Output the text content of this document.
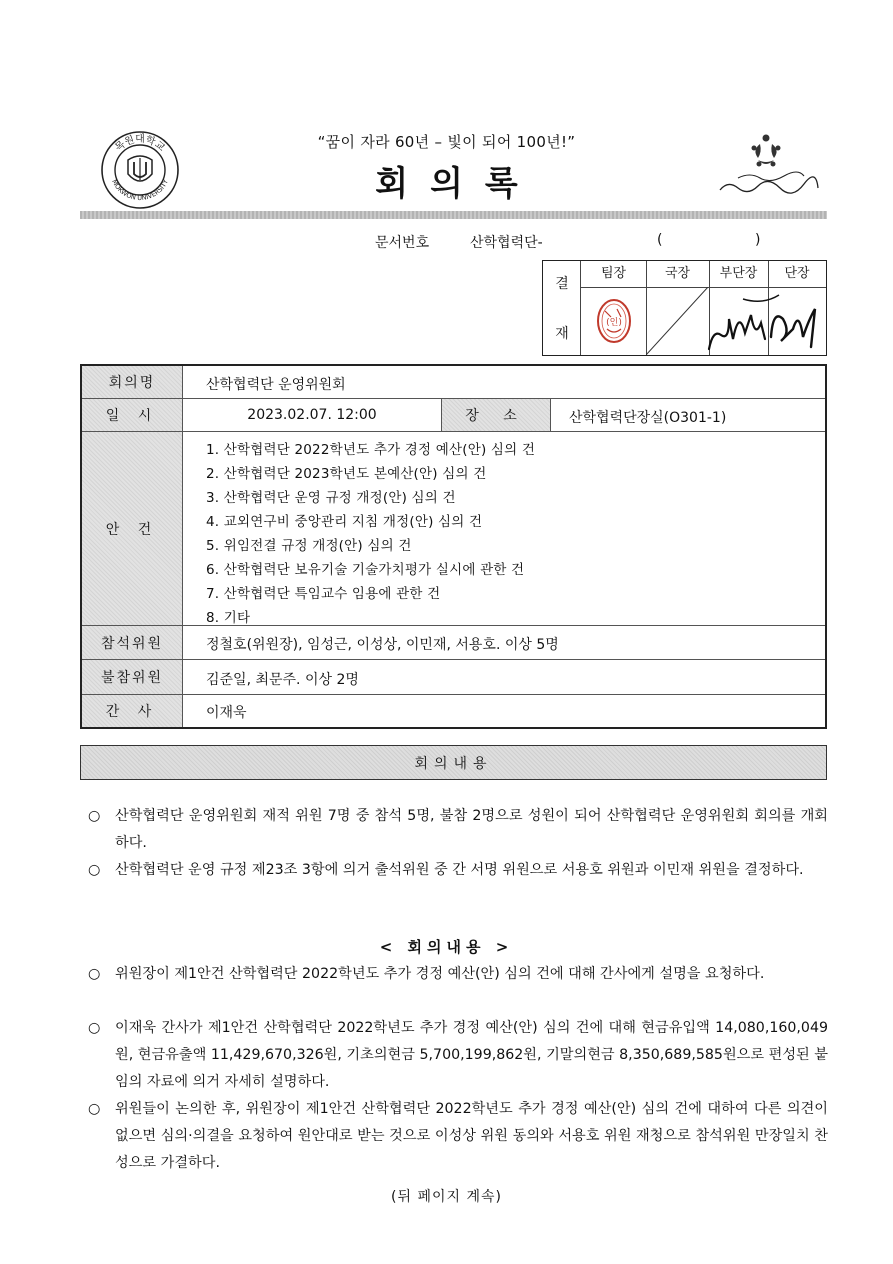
목원대학교
MOKWON UNIVERSITY
“꿈이 자라 60년 – 빛이 되어 100년!”
회의록
문서번호	산학협력단-	(	)
결
재
팀장	국장	부단장	단장
(인)
회의명	산학협력단 운영위원회
일 시	2023.02.07. 12:00	장 소	산학협력단장실(O301-1)
안 건
1. 산학협력단 2022학년도 추가 경정 예산(안) 심의 건
2. 산학협력단 2023학년도 본예산(안) 심의 건
3. 산학협력단 운영 규정 개정(안) 심의 건
4. 교외연구비 중앙관리 지침 개정(안) 심의 건
5. 위임전결 규정 개정(안) 심의 건
6. 산학협력단 보유기술 기술가치평가 실시에 관한 건
7. 산학협력단 특임교수 임용에 관한 건
8. 기타
참석위원	정철호(위원장), 임성근, 이성상, 이민재, 서용호. 이상 5명
불참위원	김준일, 최문주. 이상 2명
간 사	이재욱
회의내용
○	산학협력단 운영위원회 재적 위원 7명 중 참석 5명, 불참 2명으로 성원이 되어 산학협력단 운영위원회 회의를 개회하다.
○	산학협력단 운영 규정 제23조 3항에 의거 출석위원 중 간 서명 위원으로 서용호 위원과 이민재 위원을 결정하다.
< 회의내용 >
○	위원장이 제1안건 산학협력단 2022학년도 추가 경정 예산(안) 심의 건에 대해 간사에게 설명을 요청하다.
○	이재욱 간사가 제1안건 산학협력단 2022학년도 추가 경정 예산(안) 심의 건에 대해 현금유입액 14,080,160,049원, 현금유출액 11,429,670,326원, 기초의현금 5,700,199,862원, 기말의현금 8,350,689,585원으로 편성된 붙임의 자료에 의거 자세히 설명하다.
○	위원들이 논의한 후, 위원장이 제1안건 산학협력단 2022학년도 추가 경정 예산(안) 심의 건에 대하여 다른 의견이 없으면 심의·의결을 요청하여 원안대로 받는 것으로 이성상 위원 동의와 서용호 위원 재청으로 참석위원 만장일치 찬성으로 가결하다.
(뒤 페이지 계속)
